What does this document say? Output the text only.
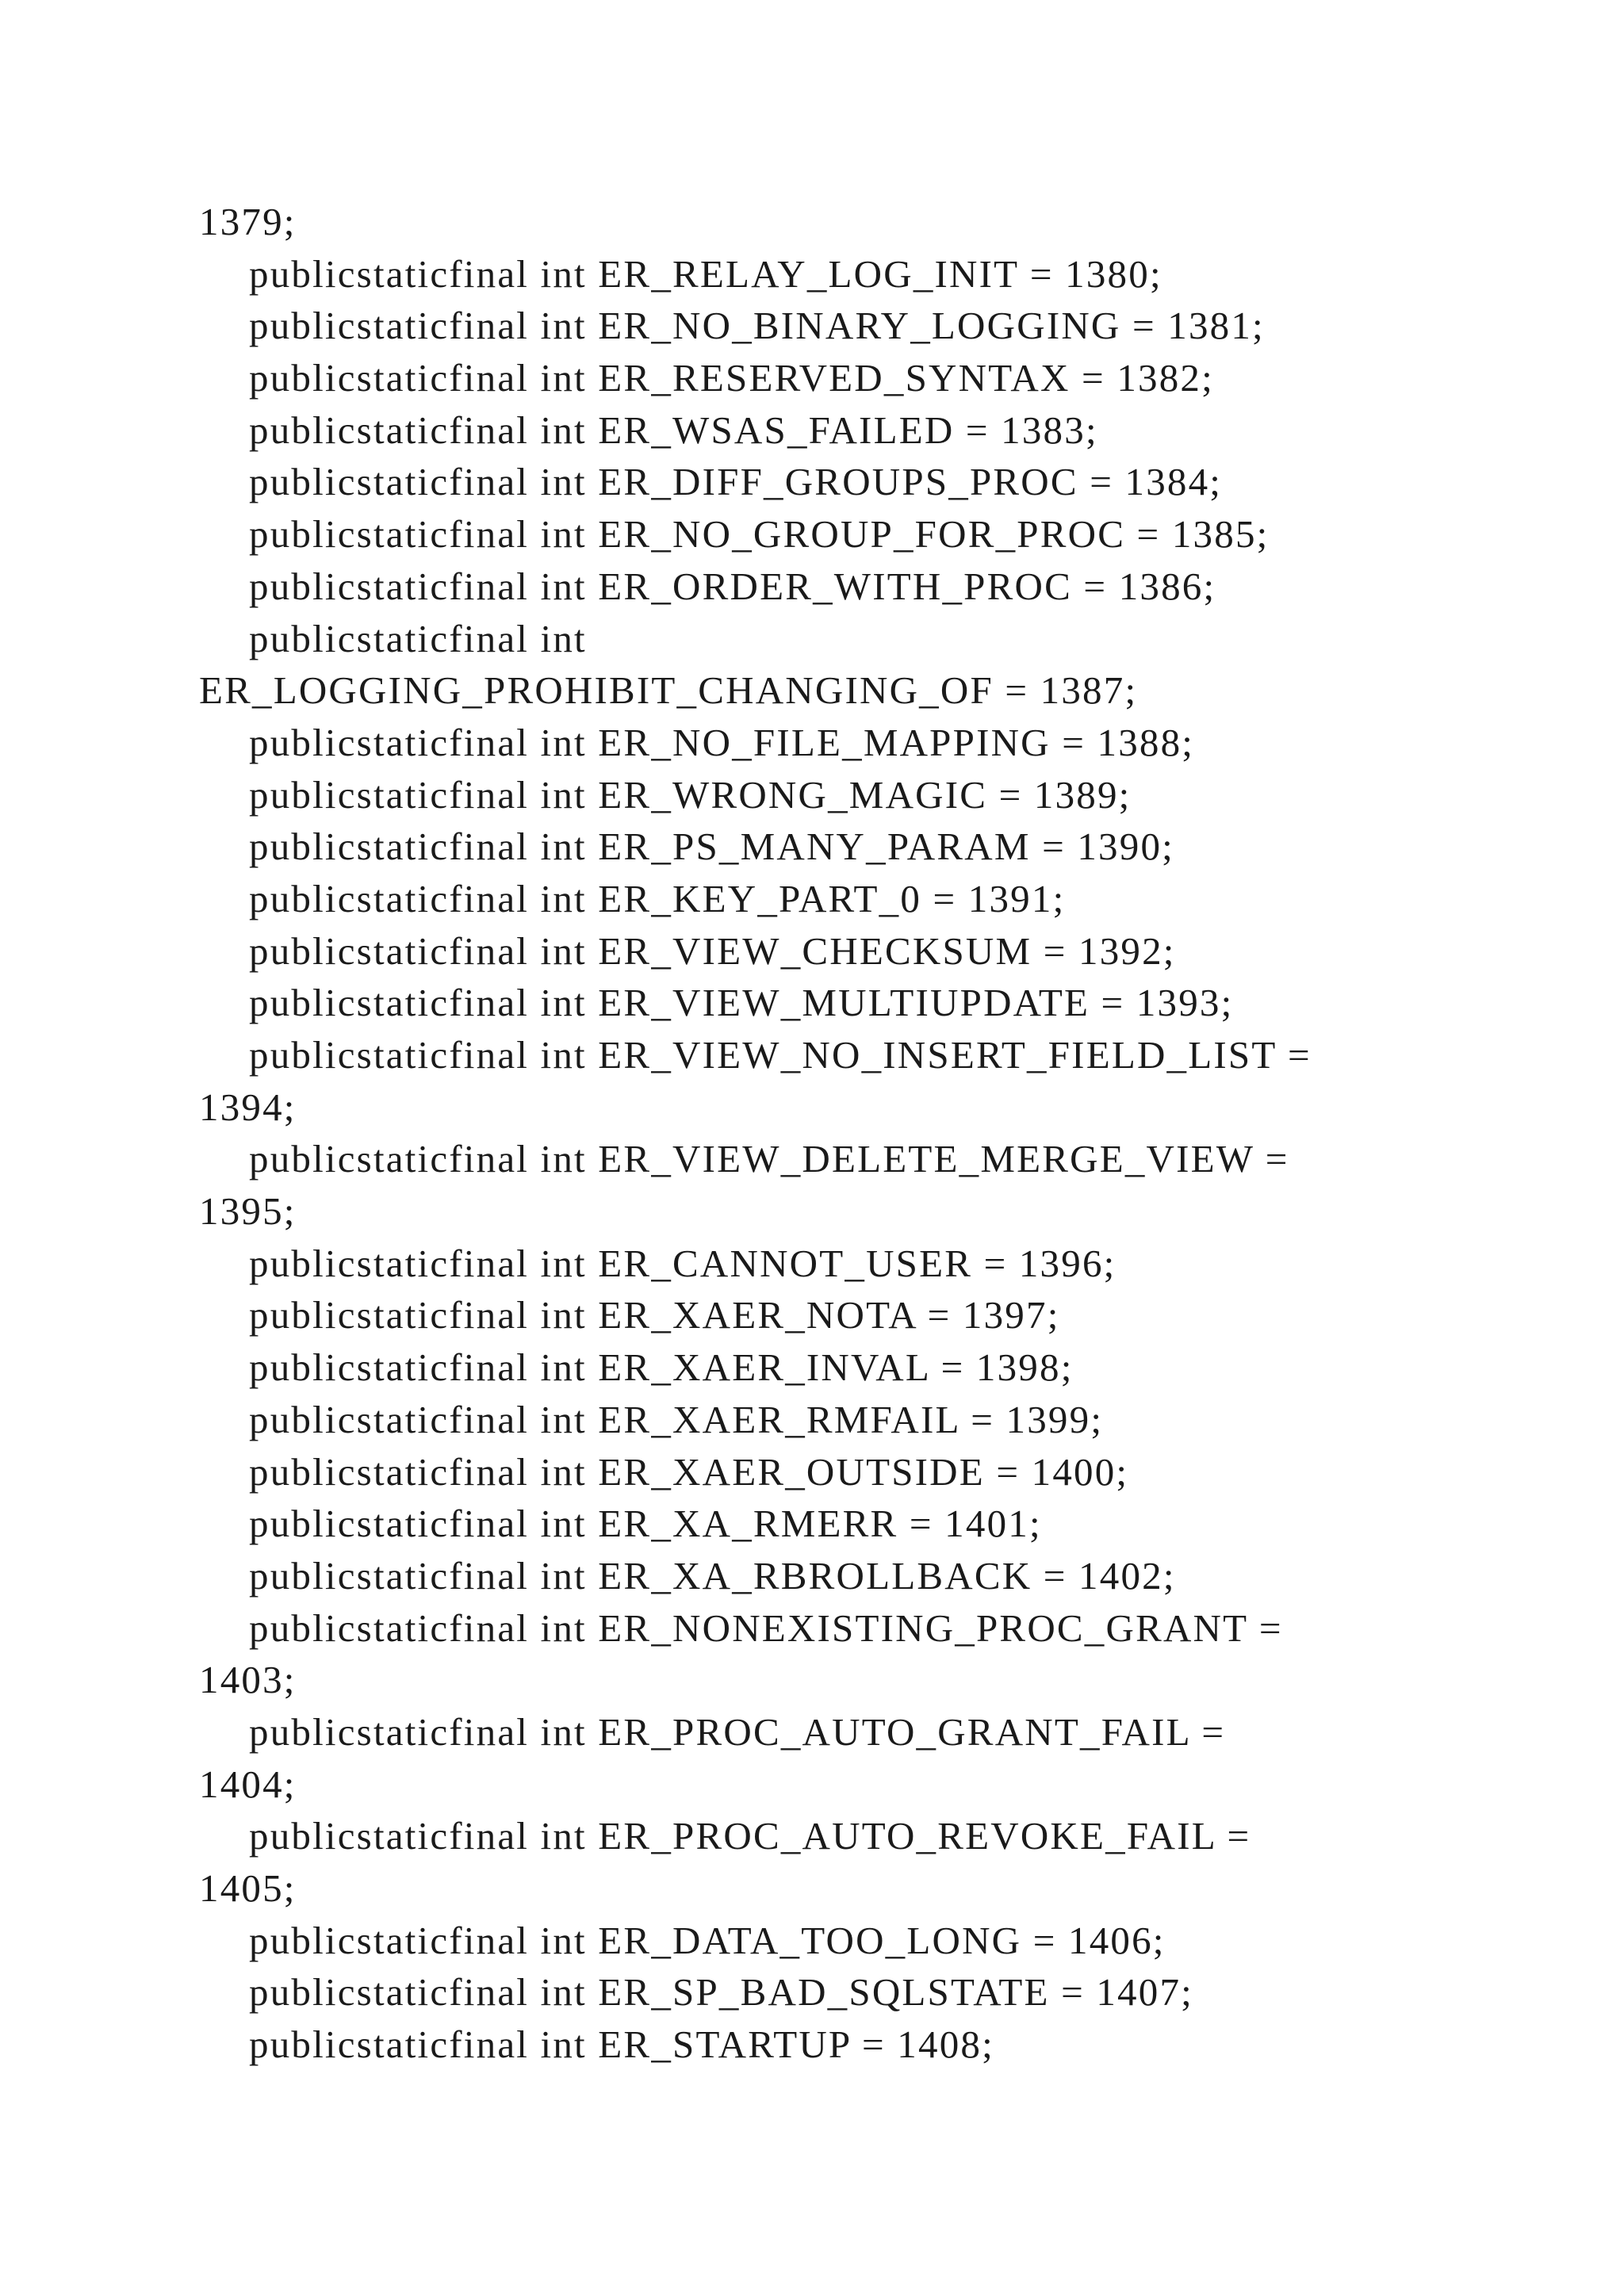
1379;
publicstaticfinal int ER_RELAY_LOG_INIT = 1380;
publicstaticfinal int ER_NO_BINARY_LOGGING = 1381;
publicstaticfinal int ER_RESERVED_SYNTAX = 1382;
publicstaticfinal int ER_WSAS_FAILED = 1383;
publicstaticfinal int ER_DIFF_GROUPS_PROC = 1384;
publicstaticfinal int ER_NO_GROUP_FOR_PROC = 1385;
publicstaticfinal int ER_ORDER_WITH_PROC = 1386;
publicstaticfinal int
ER_LOGGING_PROHIBIT_CHANGING_OF = 1387;
publicstaticfinal int ER_NO_FILE_MAPPING = 1388;
publicstaticfinal int ER_WRONG_MAGIC = 1389;
publicstaticfinal int ER_PS_MANY_PARAM = 1390;
publicstaticfinal int ER_KEY_PART_0 = 1391;
publicstaticfinal int ER_VIEW_CHECKSUM = 1392;
publicstaticfinal int ER_VIEW_MULTIUPDATE = 1393;
publicstaticfinal int ER_VIEW_NO_INSERT_FIELD_LIST =
1394;
publicstaticfinal int ER_VIEW_DELETE_MERGE_VIEW =
1395;
publicstaticfinal int ER_CANNOT_USER = 1396;
publicstaticfinal int ER_XAER_NOTA = 1397;
publicstaticfinal int ER_XAER_INVAL = 1398;
publicstaticfinal int ER_XAER_RMFAIL = 1399;
publicstaticfinal int ER_XAER_OUTSIDE = 1400;
publicstaticfinal int ER_XA_RMERR = 1401;
publicstaticfinal int ER_XA_RBROLLBACK = 1402;
publicstaticfinal int ER_NONEXISTING_PROC_GRANT =
1403;
publicstaticfinal int ER_PROC_AUTO_GRANT_FAIL =
1404;
publicstaticfinal int ER_PROC_AUTO_REVOKE_FAIL =
1405;
publicstaticfinal int ER_DATA_TOO_LONG = 1406;
publicstaticfinal int ER_SP_BAD_SQLSTATE = 1407;
publicstaticfinal int ER_STARTUP = 1408;
